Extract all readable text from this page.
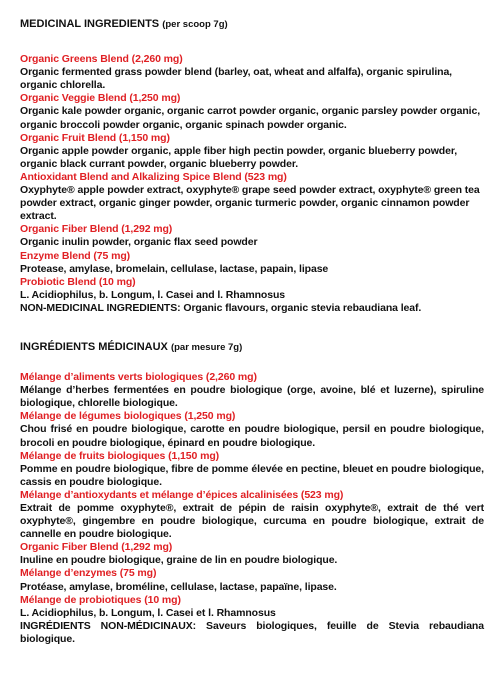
MEDICINAL INGREDIENTS (per scoop 7g)
Organic Greens Blend (2,260 mg)
Organic fermented grass powder blend (barley, oat, wheat and alfalfa), organic spirulina, organic chlorella.
Organic Veggie Blend (1,250 mg)
Organic kale powder organic, organic carrot powder organic, organic parsley powder organic, organic broccoli powder organic, organic spinach powder organic.
Organic Fruit Blend (1,150 mg)
Organic apple powder organic, apple fiber high pectin powder, organic blueberry powder, organic black currant powder, organic blueberry powder.
Antioxidant Blend and Alkalizing Spice Blend (523 mg)
Oxyphyte® apple powder extract, oxyphyte® grape seed powder extract, oxyphyte® green tea powder extract, organic ginger powder, organic turmeric powder, organic cinnamon powder extract.
Organic Fiber Blend (1,292 mg)
Organic inulin powder, organic flax seed powder
Enzyme Blend (75 mg)
Protease, amylase, bromelain, cellulase, lactase, papain, lipase
Probiotic Blend (10 mg)
L. Acidiophilus, b. Longum, l. Casei and l. Rhamnosus
NON-MEDICINAL INGREDIENTS: Organic flavours, organic stevia rebaudiana leaf.
INGRÉDIENTS MÉDICINAUX (par mesure 7g)
Mélange d’aliments verts biologiques (2,260 mg)
Mélange d’herbes fermentées en poudre biologique (orge, avoine, blé et luzerne), spiruline biologique, chlorelle biologique.
Mélange de légumes biologiques (1,250 mg)
Chou frisé en poudre biologique, carotte en poudre biologique, persil en poudre biologique, brocoli en poudre biologique, épinard en poudre biologique.
Mélange de fruits biologiques (1,150 mg)
Pomme en poudre biologique, fibre de pomme élevée en pectine, bleuet en poudre biologique, cassis en poudre biologique.
Mélange d’antioxydants et mélange d’épices alcalinisées (523 mg)
Extrait de pomme oxyphyte®, extrait de pépin de raisin oxyphyte®, extrait de thé vert oxyphyte®, gingembre en poudre biologique, curcuma en poudre biologique, extrait de cannelle en poudre biologique.
Organic Fiber Blend (1,292 mg)
Inuline en poudre biologique, graine de lin en poudre biologique.
Mélange d’enzymes (75 mg)
Protéase, amylase, broméline, cellulase, lactase, papaïne, lipase.
Mélange de probiotiques (10 mg)
L. Acidiophilus, b. Longum, l. Casei et l. Rhamnosus
INGRÉDIENTS NON-MÉDICINAUX: Saveurs biologiques, feuille de Stevia rebaudiana biologique.
